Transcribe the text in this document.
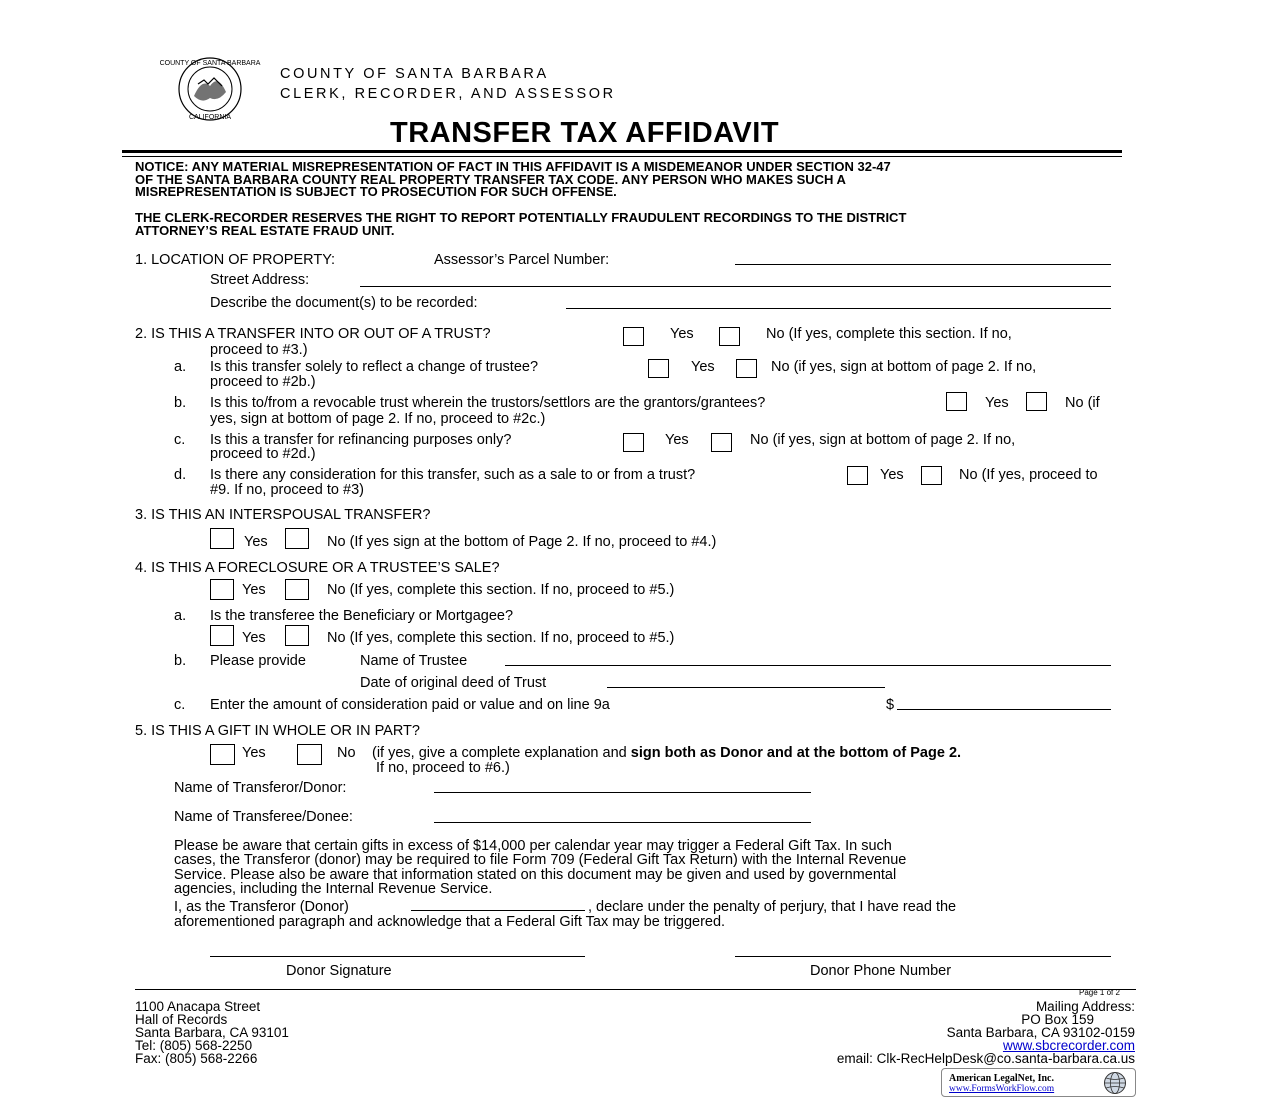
COUNTY OF SANTA BARBARA
CALIFORNIA
COUNTY OF SANTA BARBARA
CLERK, RECORDER, AND ASSESSOR
TRANSFER TAX AFFIDAVIT
NOTICE: ANY MATERIAL MISREPRESENTATION OF FACT IN THIS AFFIDAVIT IS A MISDEMEANOR UNDER SECTION 32-47
OF THE SANTA BARBARA COUNTY REAL PROPERTY TRANSFER TAX CODE. ANY PERSON WHO MAKES SUCH A
MISREPRESENTATION IS SUBJECT TO PROSECUTION FOR SUCH OFFENSE.
THE CLERK-RECORDER RESERVES THE RIGHT TO REPORT POTENTIALLY FRAUDULENT RECORDINGS TO THE DISTRICT
ATTORNEY’S REAL ESTATE FRAUD UNIT.
1. LOCATION OF PROPERTY:	Assessor’s Parcel Number:
Street Address:
Describe the document(s) to be recorded:
2. IS THIS A TRANSFER INTO OR OUT OF A TRUST?	Yes	No (If yes, complete this section. If no,
proceed to #3.)
a. Is this transfer solely to reflect a change of trustee?	Yes	No (if yes, sign at bottom of page 2. If no,
proceed to #2b.)
b. Is this to/from a revocable trust wherein the trustors/settlors are the grantors/grantees?	Yes	No (if
yes, sign at bottom of page 2. If no, proceed to #2c.)
c. Is this a transfer for refinancing purposes only?	Yes	No (if yes, sign at bottom of page 2. If no,
proceed to #2d.)
d. Is there any consideration for this transfer, such as a sale to or from a trust?	Yes	No (If yes, proceed to
#9. If no, proceed to #3)
3. IS THIS AN INTERSPOUSAL TRANSFER?
Yes	No (If yes sign at the bottom of Page 2. If no, proceed to #4.)
4. IS THIS A FORECLOSURE OR A TRUSTEE’S SALE?
Yes	No (If yes, complete this section. If no, proceed to #5.)
a. Is the transferee the Beneficiary or Mortgagee?
Yes	No (If yes, complete this section. If no, proceed to #5.)
b. Please provide	Name of Trustee
Date of original deed of Trust
c. Enter the amount of consideration paid or value and on line 9a	$
5. IS THIS A GIFT IN WHOLE OR IN PART?
Yes	No (if yes, give a complete explanation and sign both as Donor and at the bottom of Page 2.
If no, proceed to #6.)
Name of Transferor/Donor:
Name of Transferee/Donee:
Please be aware that certain gifts in excess of $14,000 per calendar year may trigger a Federal Gift Tax. In such
cases, the Transferor (donor) may be required to file Form 709 (Federal Gift Tax Return) with the Internal Revenue
Service. Please also be aware that information stated on this document may be given and used by governmental
agencies, including the Internal Revenue Service.
I, as the Transferor (Donor)	, declare under the penalty of perjury, that I have read the
aforementioned paragraph and acknowledge that a Federal Gift Tax may be triggered.
Donor Signature	Donor Phone Number
Page 1 of 2
1100 Anacapa Street
Hall of Records
Santa Barbara, CA 93101
Tel: (805) 568-2250
Fax: (805) 568-2266
Mailing Address:
PO Box 159
Santa Barbara, CA 93102-0159
www.sbcrecorder.com
email: Clk-RecHelpDesk@co.santa-barbara.ca.us
American LegalNet, Inc.
www.FormsWorkFlow.com
